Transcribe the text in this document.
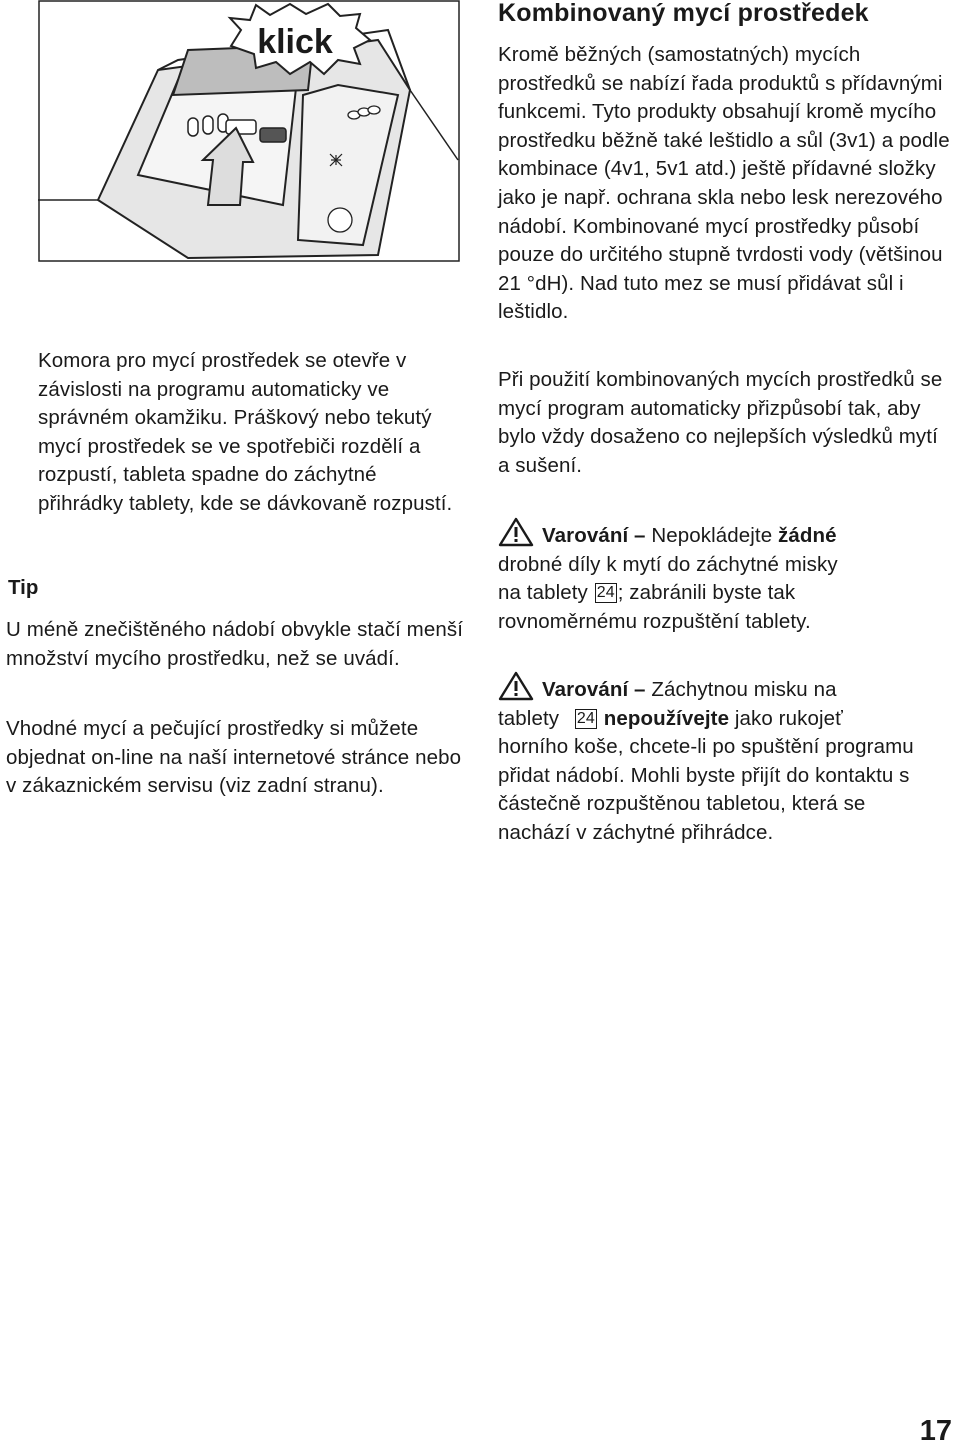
klick

Komora pro mycí prostředek se otevře v závislosti na programu automaticky ve správném okamžiku. Práškový nebo tekutý mycí prostředek se ve spotřebiči rozdělí a rozpustí, tableta spadne do záchytné přihrádky tablety, kde se dávkovaně rozpustí.

Tip

U méně znečištěného nádobí obvykle stačí menší množství mycího prostředku, než se uvádí.

Vhodné mycí a pečující prostředky si můžete objednat on-line na naší internetové stránce nebo v zákaznickém servisu (viz zadní stranu).

Kombinovaný mycí prostředek

Kromě běžných (samostatných) mycích prostředků se nabízí řada produktů s přídavnými funkcemi. Tyto produkty obsahují kromě mycího prostředku běžně také leštidlo a sůl (3v1) a podle kombinace (4v1, 5v1 atd.) ještě přídavné složky jako je např. ochrana skla nebo lesk nerezového nádobí. Kombinované mycí prostředky působí pouze do určitého stupně tvrdosti vody (většinou 21 °dH). Nad tuto mez se musí přidávat sůl i leštidlo.

Při použití kombinovaných mycích prostředků se mycí program automaticky přizpůsobí tak, aby bylo vždy dosaženo co nejlepších výsledků mytí a sušení.

Varování – Nepokládejte žádné
drobné díly k mytí do záchytné misky
na tablety 24 ; zabránili byste tak
rovnoměrnému rozpuštění tablety.
Varování – Záchytnou misku na
tablety 24 nepoužívejte jako rukojeť
horního koše, chcete-li po spuštění programu přidat nádobí. Mohli byste přijít do kontaktu s částečně rozpuštěnou tabletou, která se nachází v záchytné přihrádce.
17
